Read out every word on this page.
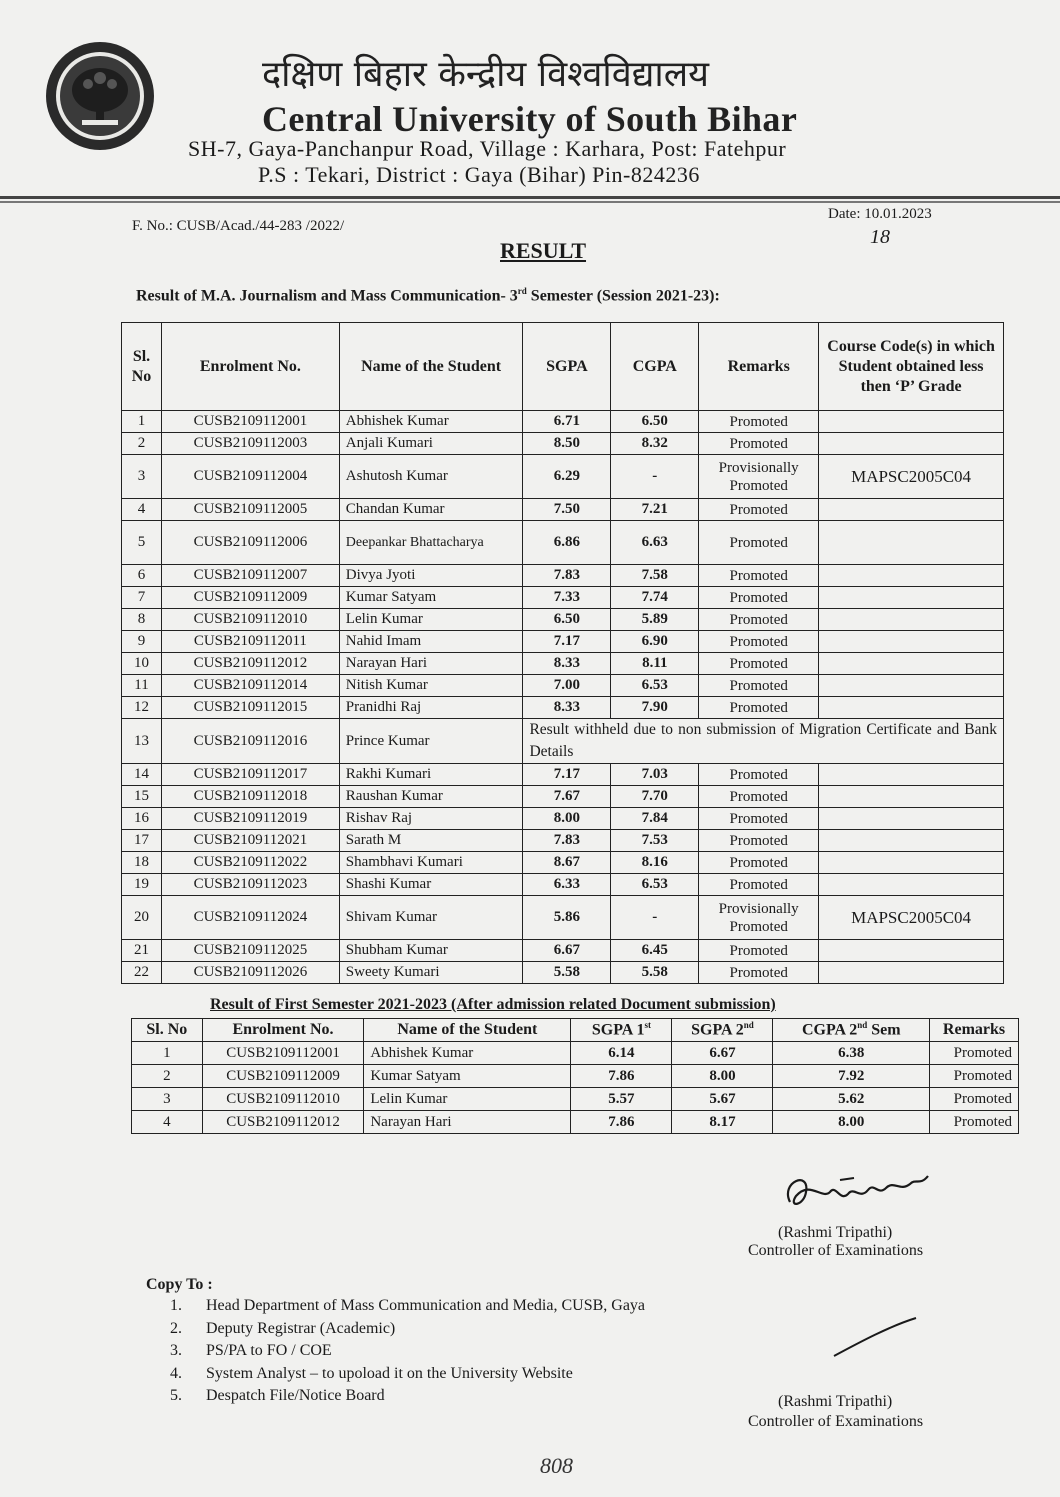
दक्षिण बिहार केन्द्रीय विश्वविद्यालय
Central University of South Bihar
SH-7, Gaya-Panchanpur Road, Village : Karhara, Post: Fatehpur
P.S : Tekari, District : Gaya (Bihar) Pin-824236
F. No.: CUSB/Acad./44-283 /2022/
Date: 10.01.2023
18
RESULT
Result of M.A. Journalism and Mass Communication- 3rd Semester (Session 2021-23):
Sl. No	Enrolment No.	Name of the Student	SGPA	CGPA	Remarks	Course Code(s) in which Student obtained less then ‘P’ Grade
1	CUSB2109112001	Abhishek Kumar	6.71	6.50	Promoted	
2	CUSB2109112003	Anjali Kumari	8.50	8.32	Promoted	
3	CUSB2109112004	Ashutosh Kumar	6.29	-	Provisionally Promoted	MAPSC2005C04
4	CUSB2109112005	Chandan Kumar	7.50	7.21	Promoted	
5	CUSB2109112006	Deepankar Bhattacharya	6.86	6.63	Promoted	
6	CUSB2109112007	Divya Jyoti	7.83	7.58	Promoted	
7	CUSB2109112009	Kumar Satyam	7.33	7.74	Promoted	
8	CUSB2109112010	Lelin Kumar	6.50	5.89	Promoted	
9	CUSB2109112011	Nahid Imam	7.17	6.90	Promoted	
10	CUSB2109112012	Narayan Hari	8.33	8.11	Promoted	
11	CUSB2109112014	Nitish Kumar	7.00	6.53	Promoted	
12	CUSB2109112015	Pranidhi Raj	8.33	7.90	Promoted	
13	CUSB2109112016	Prince Kumar	Result withheld due to non submission of Migration Certificate and Bank Details			
14	CUSB2109112017	Rakhi Kumari	7.17	7.03	Promoted	
15	CUSB2109112018	Raushan Kumar	7.67	7.70	Promoted	
16	CUSB2109112019	Rishav Raj	8.00	7.84	Promoted	
17	CUSB2109112021	Sarath M	7.83	7.53	Promoted	
18	CUSB2109112022	Shambhavi Kumari	8.67	8.16	Promoted	
19	CUSB2109112023	Shashi Kumar	6.33	6.53	Promoted	
20	CUSB2109112024	Shivam Kumar	5.86	-	Provisionally Promoted	MAPSC2005C04
21	CUSB2109112025	Shubham Kumar	6.67	6.45	Promoted	
22	CUSB2109112026	Sweety Kumari	5.58	5.58	Promoted	
Result of First Semester 2021-2023 (After admission related Document submission)
Sl. No	Enrolment No.	Name of the Student	SGPA 1st	SGPA 2nd	CGPA 2nd Sem	Remarks
1	CUSB2109112001	Abhishek Kumar	6.14	6.67	6.38	Promoted
2	CUSB2109112009	Kumar Satyam	7.86	8.00	7.92	Promoted
3	CUSB2109112010	Lelin Kumar	5.57	5.67	5.62	Promoted
4	CUSB2109112012	Narayan Hari	7.86	8.17	8.00	Promoted
(Rashmi Tripathi)
Controller of Examinations
Copy To :
1. Head Department of Mass Communication and Media, CUSB, Gaya
2. Deputy Registrar (Academic)
3. PS/PA to FO / COE
4. System Analyst – to upoload it on the University Website
5. Despatch File/Notice Board	(Rashmi Tripathi)
Controller of Examinations
808
